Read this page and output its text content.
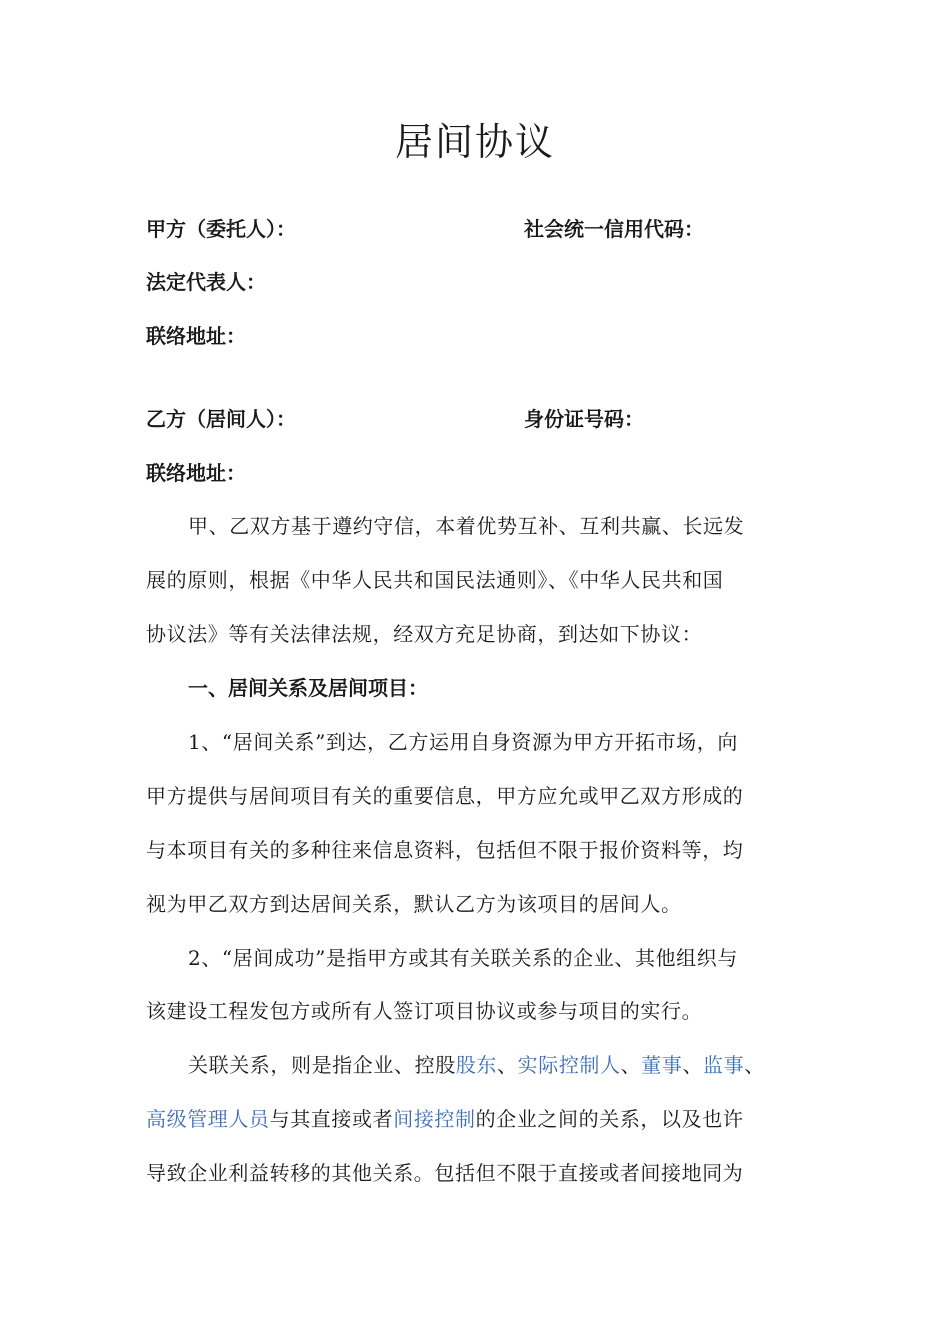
居间协议
甲方（委托人）：	社会统一信用代码：
法定代表人：
联络地址：
乙方（居间人）：	身份证号码：
联络地址：
甲、乙双方基于遵约守信，本着优势互补、互利共赢、长远发
展的原则，根据《中华人民共和国民法通则》、《中华人民共和国
协议法》等有关法律法规，经双方充足协商，到达如下协议：
一、居间关系及居间项目：
1、“居间关系”到达，乙方运用自身资源为甲方开拓市场，向
甲方提供与居间项目有关的重要信息，甲方应允或甲乙双方形成的
与本项目有关的多种往来信息资料，包括但不限于报价资料等，均
视为甲乙双方到达居间关系，默认乙方为该项目的居间人。
2、“居间成功”是指甲方或其有关联关系的企业、其他组织与
该建设工程发包方或所有人签订项目协议或参与项目的实行。
关联关系，则是指企业、控股股东、实际控制人、董事、监事、
高级管理人员与其直接或者间接控制的企业之间的关系，以及也许
导致企业利益转移的其他关系。包括但不限于直接或者间接地同为
